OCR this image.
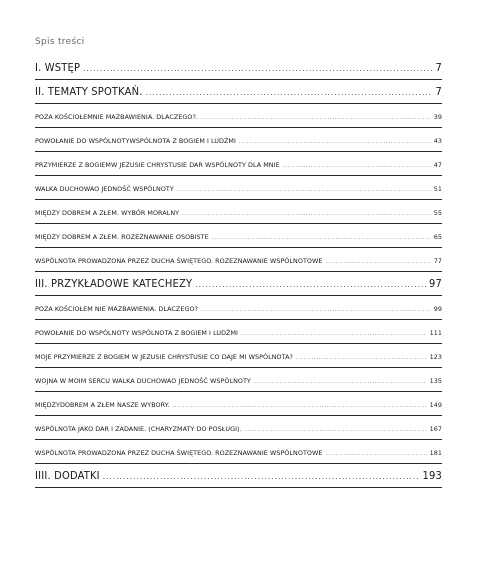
Spis treści
I. WSTĘP . . .	7
II. TEMATY SPOTKAŃ. . . .	7
POZA KOŚCIOŁEMNIE MAZBAWIENIA. DLACZEGO?. . . .	39
POWOŁANIE DO WSPÓLNOTYWSPÓLNOTA Z BOGIEM I LUDŹMI . . .	43
PRZYMIERZE Z BOGIEMW JEZUSIE CHRYSTUSIE DAR WSPÓLNOTY DLA MNIE . . .	47
WALKA DUCHOWAO JEDNOŚĆ WSPÓLNOTY . . .	51
MIĘDZY DOBREM A ZŁEM. WYBÓR MORALNY . . .	55
MIĘDZY DOBREM A ZŁEM. ROZEZNAWANIE OSOBISTE . . .	65
WSPÓLNOTA PROWADZONA PRZEZ DUCHA ŚWIĘTEGO. ROZEZNAWANIE WSPÓLNOTOWE . . .	77
III. PRZYKŁADOWE KATECHEZY . . .	97
POZA KOŚCIOŁEM NIE MAZBAWIENIA. DLACZEGO? . . .	99
POWOŁANIE DO WSPÓLNOTY WSPÓLNOTA Z BOGIEM I LUDŹMI . . .	111
MOJE PRZYMIERZE Z BOGIEM W JEZUSIE CHRYSTUSIE CO DAJE MI WSPÓLNOTA? . . .	123
WOJNA W MOIM SERCU WALKA DUCHOWAO JEDNOŚĆ WSPÓLNOTY . . .	135
MIĘDZYDOBREM A ZŁEM NASZE WYBORY. . . .	149
WSPÓLNOTA JAKO DAR I ZADANIE. (CHARYZMATY DO POSŁUGI). . . .	167
WSPÓLNOTA PROWADZONA PRZEZ DUCHA ŚWIĘTEGO. ROZEZNAWANIE WSPÓLNOTOWE . . .	181
IIII. DODATKI . . .	193
